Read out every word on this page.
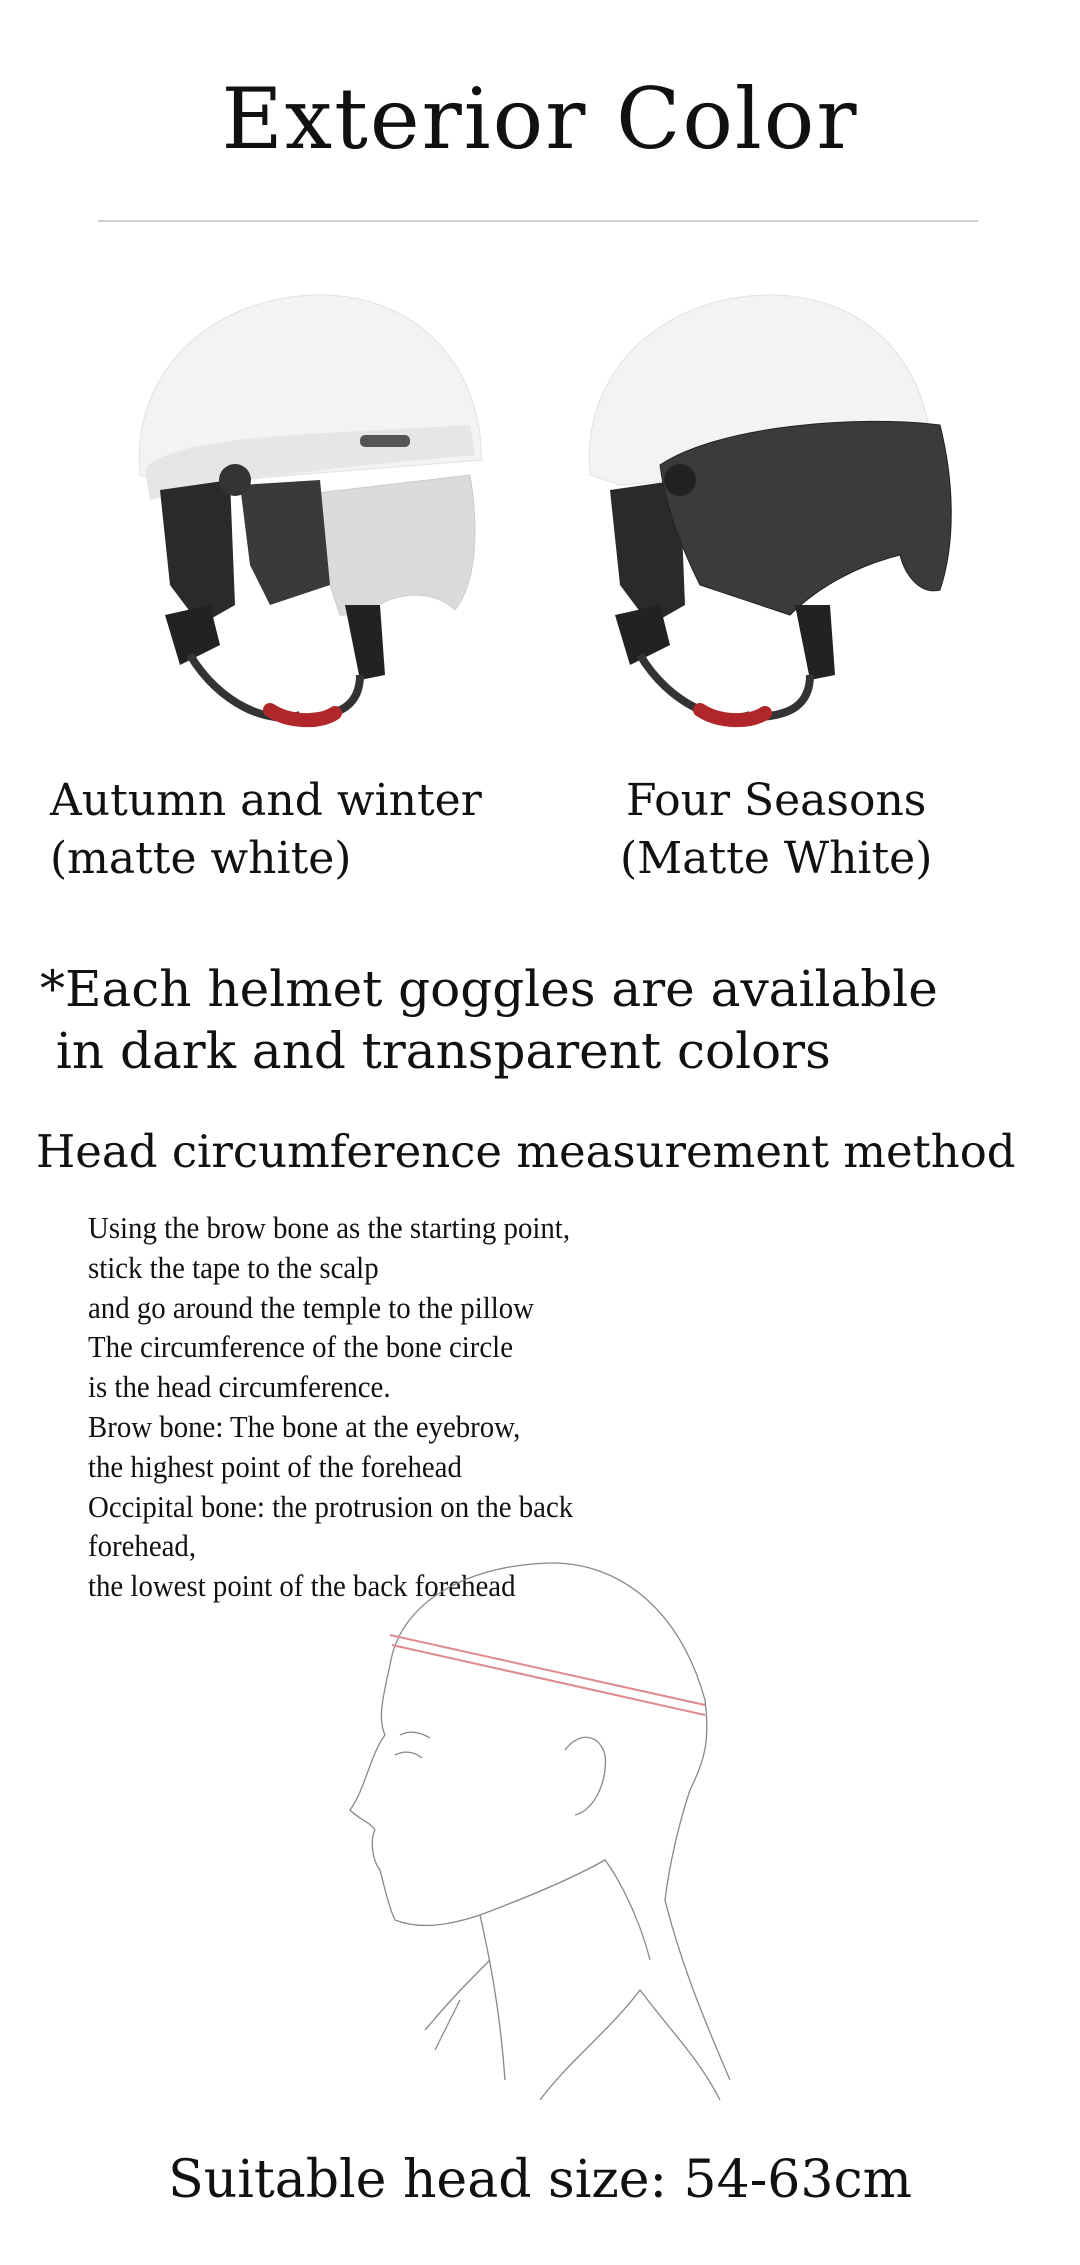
Exterior Color
Autumn and winter
(matte white)
Four Seasons
(Matte White)
*Each helmet goggles are available
in dark and transparent colors
Head circumference measurement method
Using the brow bone as the starting point,
stick the tape to the scalp
and go around the temple to the pillow
The circumference of the bone circle
is the head circumference.
Brow bone: The bone at the eyebrow,
the highest point of the forehead
Occipital bone: the protrusion on the back
forehead,
the lowest point of the back forehead
Suitable head size: 54-63cm
